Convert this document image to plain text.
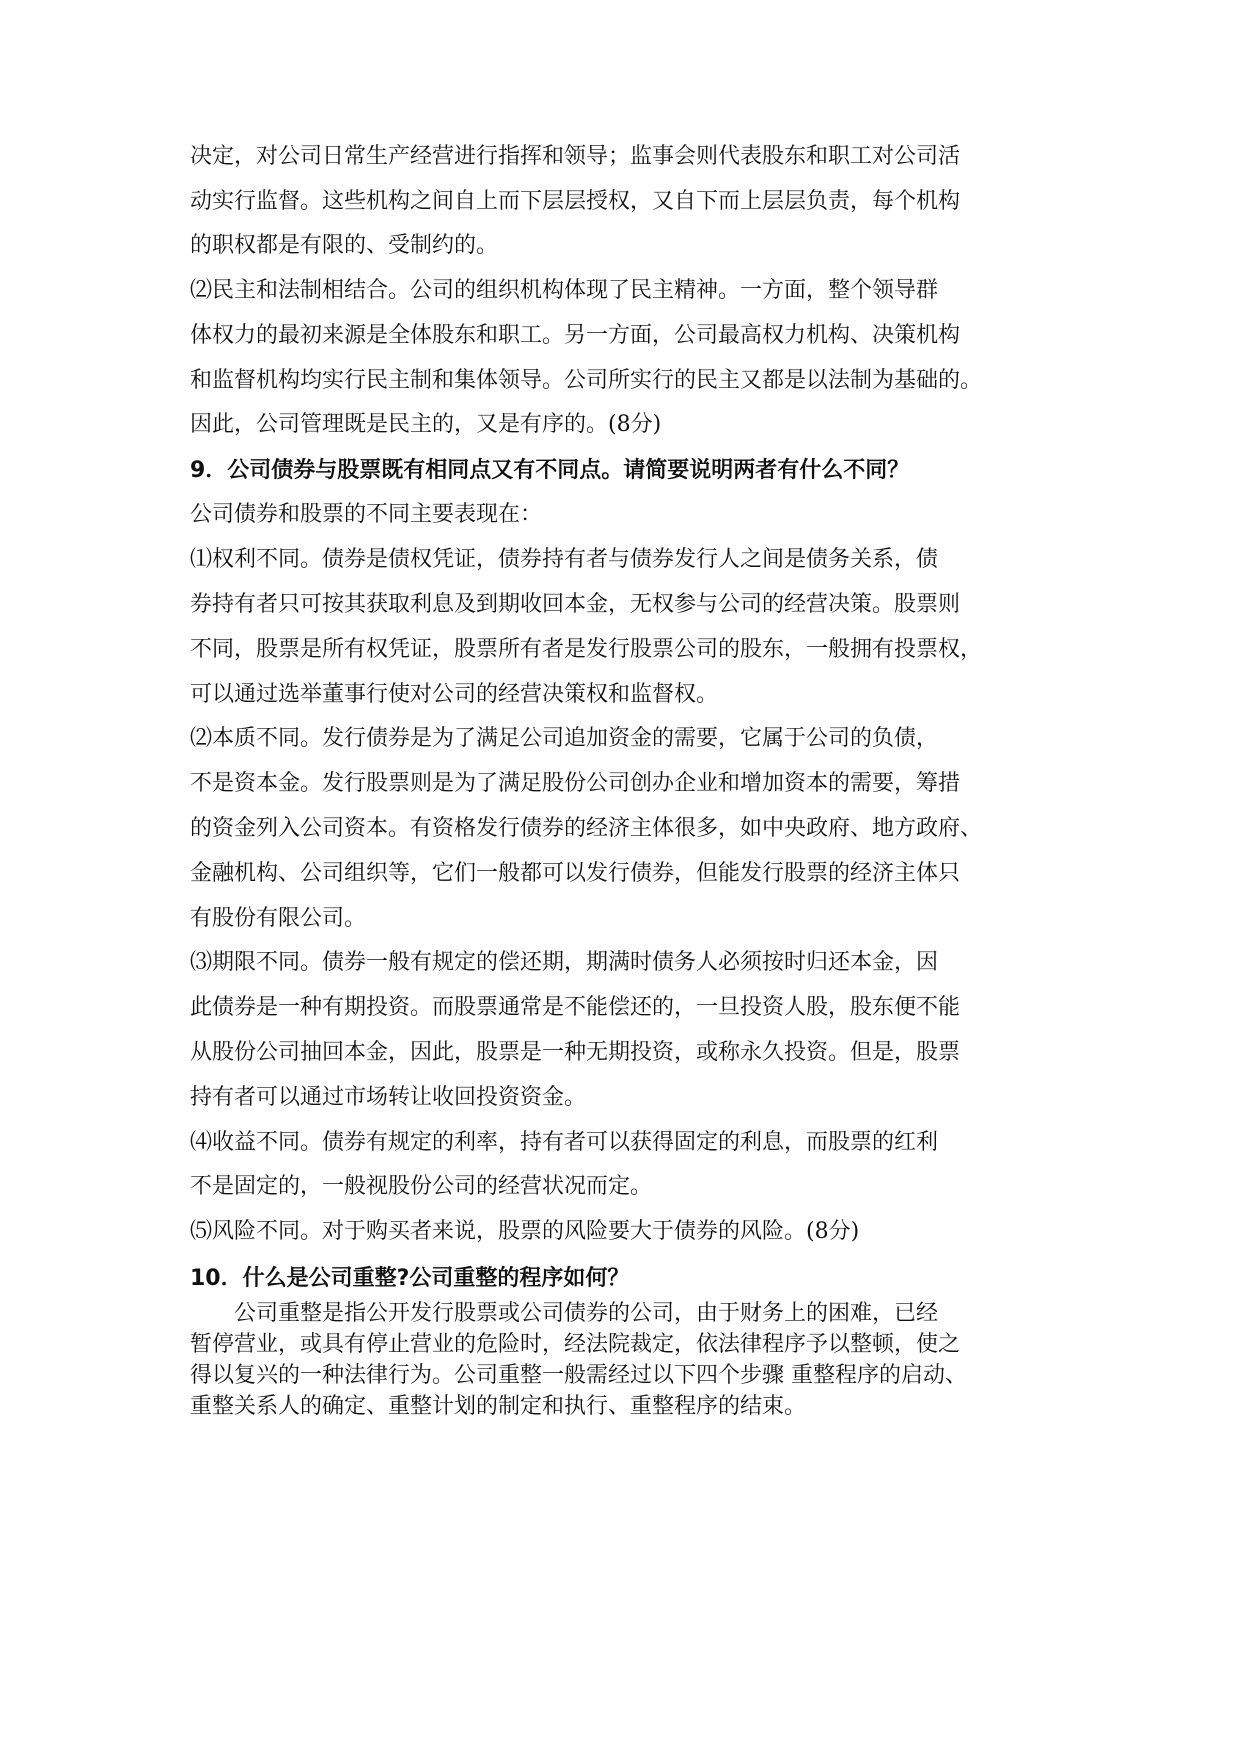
决定，对公司日常生产经营进行指挥和领导；监事会则代表股东和职工对公司活
动实行监督。这些机构之间自上而下层层授权，又自下而上层层负责，每个机构
的职权都是有限的、受制约的。
⑵民主和法制相结合。公司的组织机构体现了民主精神。一方面，整个领导群
体权力的最初来源是全体股东和职工。另一方面，公司最高权力机构、决策机构
和监督机构均实行民主制和集体领导。公司所实行的民主又都是以法制为基础的。
因此，公司管理既是民主的，又是有序的。(8分)
9．公司债券与股票既有相同点又有不同点。请简要说明两者有什么不同？
公司债券和股票的不同主要表现在：
⑴权利不同。债券是债权凭证，债券持有者与债券发行人之间是债务关系，债
券持有者只可按其获取利息及到期收回本金，无权参与公司的经营决策。股票则
不同，股票是所有权凭证，股票所有者是发行股票公司的股东，一般拥有投票权，
可以通过选举董事行使对公司的经营决策权和监督权。
⑵本质不同。发行债券是为了满足公司追加资金的需要，它属于公司的负债，
不是资本金。发行股票则是为了满足股份公司创办企业和增加资本的需要，筹措
的资金列入公司资本。有资格发行债券的经济主体很多，如中央政府、地方政府、
金融机构、公司组织等，它们一般都可以发行债券，但能发行股票的经济主体只
有股份有限公司。
⑶期限不同。债券一般有规定的偿还期，期满时债务人必须按时归还本金，因
此债券是一种有期投资。而股票通常是不能偿还的，一旦投资人股，股东便不能
从股份公司抽回本金，因此，股票是一种无期投资，或称永久投资。但是，股票
持有者可以通过市场转让收回投资资金。
⑷收益不同。债券有规定的利率，持有者可以获得固定的利息，而股票的红利
不是固定的，一般视股份公司的经营状况而定。
⑸风险不同。对于购买者来说，股票的风险要大于债券的风险。(8分)
10．什么是公司重整?公司重整的程序如何？
　　公司重整是指公开发行股票或公司债券的公司，由于财务上的困难，已经
暂停营业，或具有停止营业的危险时，经法院裁定，依法律程序予以整顿，使之
得以复兴的一种法律行为。公司重整一般需经过以下四个步骤 重整程序的启动、
重整关系人的确定、重整计划的制定和执行、重整程序的结束。
